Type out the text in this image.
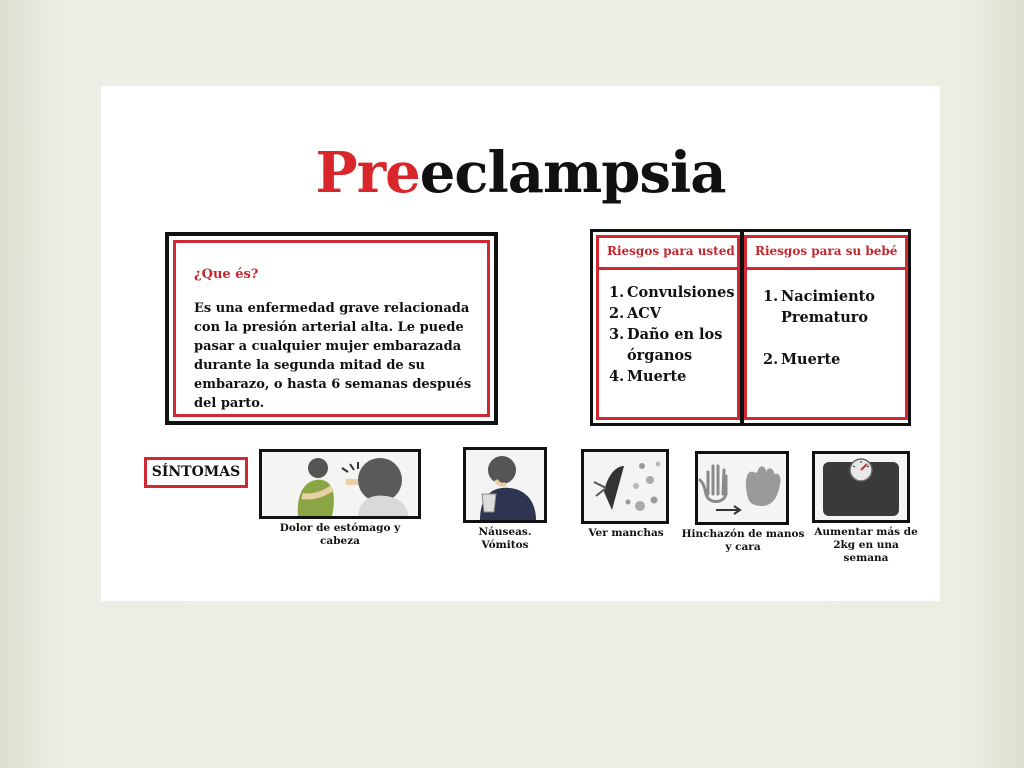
Preeclampsia
¿Que és?
Es una enfermedad grave relacionada con la presión arterial alta. Le puede pasar a cualquier mujer embarazada durante la segunda mitad de su embarazo, o hasta 6 semanas después del parto.
Riesgos para usted
1. Convulsiones
2. ACV
3. Daño en los órganos
4. Muerte
Riesgos para su bebé
1. Nacimiento Prematuro
2. Muerte
SÍNTOMAS
Dolor de estómago y cabeza
Náuseas. Vómitos
Ver manchas	Hinchazón de manos y cara
Aumentar más de 2kg en una semana
